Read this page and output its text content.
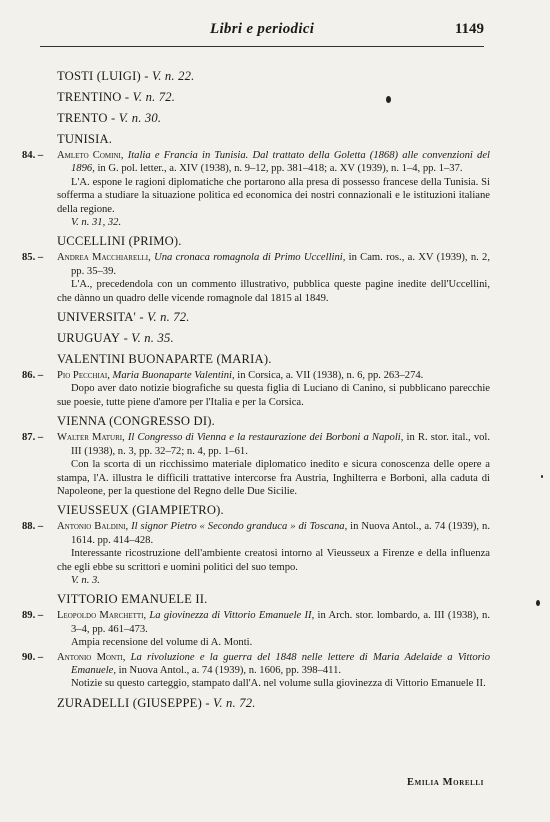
Libri e periodici	1149
TOSTI (LUIGI) - V. n. 22.
TRENTINO - V. n. 72.
TRENTO - V. n. 30.
TUNISIA.
84. –	Amleto Comini, Italia e Francia in Tunisia. Dal trattato della Goletta (1868) alle convenzioni del 1896, in G. pol. letter., a. XIV (1938), n. 9–12, pp. 381–418; a. XV (1939), n. 1–4, pp. 1–37.
L'A. espone le ragioni diplomatiche che portarono alla presa di possesso francese della Tunisia. Si sofferma a studiare la situazione politica ed economica dei nostri connazionali e le istituzioni italiane della regione.
V. n. 31, 32.
UCCELLINI (PRIMO).
85. –	Andrea Macchiarelli, Una cronaca romagnola di Primo Uccellini, in Cam. ros., a. XV (1939), n. 2, pp. 35–39.
L'A., precedendola con un commento illustrativo, pubblica queste pagine inedite dell'Uccellini, che dànno un quadro delle vicende romagnole dal 1815 al 1849.
UNIVERSITA' - V. n. 72.
URUGUAY - V. n. 35.
VALENTINI BUONAPARTE (MARIA).
86. –	Pio Pecchiai, Maria Buonaparte Valentini, in Corsica, a. VII (1938), n. 6, pp. 263–274.
Dopo aver dato notizie biografiche su questa figlia di Luciano di Canino, si pubblicano parecchie sue poesie, tutte piene d'amore per l'Italia e per la Corsica.
VIENNA (CONGRESSO DI).
87. –	Walter Maturi, Il Congresso di Vienna e la restaurazione dei Borboni a Napoli, in R. stor. ital., vol. III (1938), n. 3, pp. 32–72; n. 4, pp. 1–61.
Con la scorta di un ricchissimo materiale diplomatico inedito e sicura conoscenza delle opere a stampa, l'A. illustra le difficili trattative intercorse fra Austria, Inghilterra e Borboni, alla caduta di Napoleone, per la questione del Regno delle Due Sicilie.
VIEUSSEUX (GIAMPIETRO).
88. –	Antonio Baldini, Il signor Pietro « Secondo granduca » di Toscana, in Nuova Antol., a. 74 (1939), n. 1614. pp. 414–428.
Interessante ricostruzione dell'ambiente creatosi intorno al Vieusseux a Firenze e della influenza che egli ebbe su scrittori e uomini politici del suo tempo.
V. n. 3.
VITTORIO EMANUELE II.
89. –	Leopoldo Marchetti, La giovinezza di Vittorio Emanuele II, in Arch. stor. lombardo, a. III (1938), n. 3–4, pp. 461–473.
Ampia recensione del volume di A. Monti.
90. –	Antonio Monti, La rivoluzione e la guerra del 1848 nelle lettere di Maria Adelaide a Vittorio Emanuele, in Nuova Antol., a. 74 (1939), n. 1606, pp. 398–411.
Notizie su questo carteggio, stampato dall'A. nel volume sulla giovinezza di Vittorio Emanuele II.
ZURADELLI (GIUSEPPE) - V. n. 72.
Emilia Morelli
